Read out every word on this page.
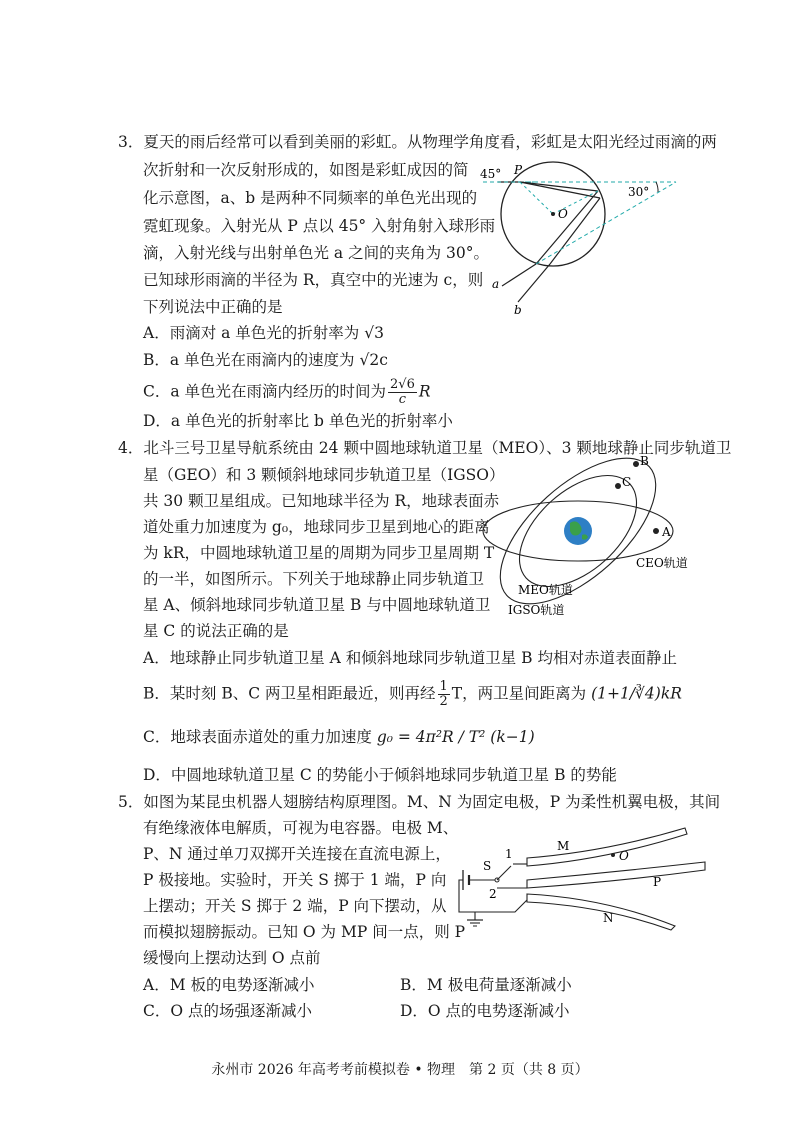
3．夏天的雨后经常可以看到美丽的彩虹。从物理学角度看，彩虹是太阳光经过雨滴的两
次折射和一次反射形成的，如图是彩虹成因的简
化示意图，a、b 是两种不同频率的单色光出现的
霓虹现象。入射光从 P 点以 45° 入射角射入球形雨
滴，入射光线与出射单色光 a 之间的夹角为 30°。
已知球形雨滴的半径为 R，真空中的光速为 c，则
下列说法中正确的是
A．雨滴对 a 单色光的折射率为 √3
B．a 单色光在雨滴内的速度为 √2c
C．a 单色光在雨滴内经历的时间为 $\frac{2√6}{c}$ R
D．a 单色光的折射率比 b 单色光的折射率小
45° P
30°
O
a
b
4．北斗三号卫星导航系统由 24 颗中圆地球轨道卫星（MEO）、3 颗地球静止同步轨道卫
星（GEO）和 3 颗倾斜地球同步轨道卫星（IGSO）
共 30 颗卫星组成。已知地球半径为 R，地球表面赤
道处重力加速度为 g₀，地球同步卫星到地心的距离
为 kR，中圆地球轨道卫星的周期为同步卫星周期 T
的一半，如图所示。下列关于地球静止同步轨道卫
星 A、倾斜地球同步轨道卫星 B 与中圆地球轨道卫
星 C 的说法正确的是
A．地球静止同步轨道卫星 A 和倾斜地球同步轨道卫星 B 均相对赤道表面静止
B．某时刻 B、C 两卫星相距最近，则再经 $\frac{1}{2}$ T，两卫星间距离为 (1+1/∛4)kR
C．地球表面赤道处的重力加速度 g₀ = 4π²R / T² (k−1)
D．中圆地球轨道卫星 C 的势能小于倾斜地球同步轨道卫星 B 的势能
A
B
C
CEO轨道
MEO轨道
IGSO轨道
5．如图为某昆虫机器人翅膀结构原理图。M、N 为固定电极，P 为柔性机翼电极，其间
有绝缘液体电解质，可视为电容器。电极 M、
P、N 通过单刀双掷开关连接在直流电源上，
P 极接地。实验时，开关 S 掷于 1 端，P 向
上摆动；开关 S 掷于 2 端，P 向下摆动，从
而模拟翅膀振动。已知 O 为 MP 间一点，则 P
缓慢向上摆动达到 O 点前
A．M 板的电势逐渐减小	B．M 极电荷量逐渐减小
C．O 点的场强逐渐减小	D．O 点的电势逐渐减小
S
1
2
M
P
N
O
永州市 2026 年高考考前模拟卷 • 物理　第 2 页（共 8 页）
